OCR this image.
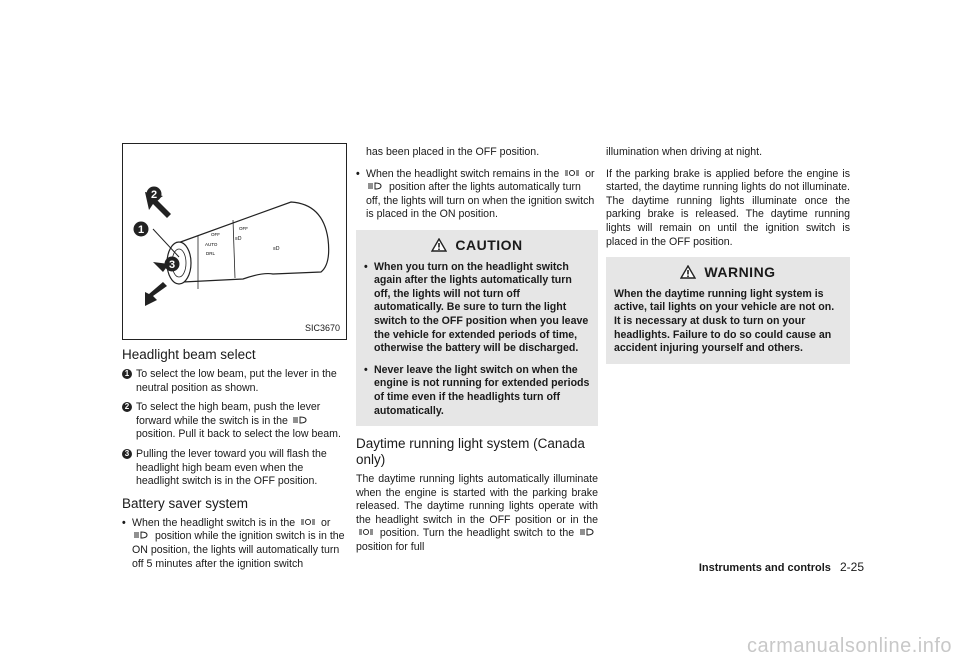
OFF
AUTO
DRL
OFF
≡D
≡D
2
1
3
SIC3670
Headlight beam select
1 To select the low beam, put the lever in the neutral position as shown.
2 To select the high beam, push the lever forward while the switch is in the  position. Pull it back to select the low beam.
3 Pulling the lever toward you will flash the headlight high beam even when the headlight switch is in the OFF position.
Battery saver system
• When the headlight switch is in the or  position while the ignition switch is in the ON position, the lights will automatically turn off 5 minutes after the ignition switch

has been placed in the OFF position.

• When the headlight switch remains in the or  position after the lights automatically turn off, the lights will turn on when the ignition switch is placed in the ON position.
CAUTION
• When you turn on the headlight switch again after the lights automatically turn off, the lights will not turn off automatically. Be sure to turn the light switch to the OFF position when you leave the vehicle for extended periods of time, otherwise the battery will be discharged.
• Never leave the light switch on when the engine is not running for extended periods of time even if the headlights turn off automatically.
Daytime running light system (Canada only)

The daytime running lights automatically illuminate when the engine is started with the parking brake released. The daytime running lights operate with the headlight switch in the OFF position or in the  position. Turn the headlight switch to the  position for full

illumination when driving at night.

If the parking brake is applied before the engine is started, the daytime running lights do not illuminate. The daytime running lights illuminate once the parking brake is released. The daytime running lights will remain on until the ignition switch is placed in the OFF position.

WARNING

When the daytime running light system is active, tail lights on your vehicle are not on. It is necessary at dusk to turn on your headlights. Failure to do so could cause an accident injuring yourself and others.

Instruments and controls 2-25
carmanualsonline.info
